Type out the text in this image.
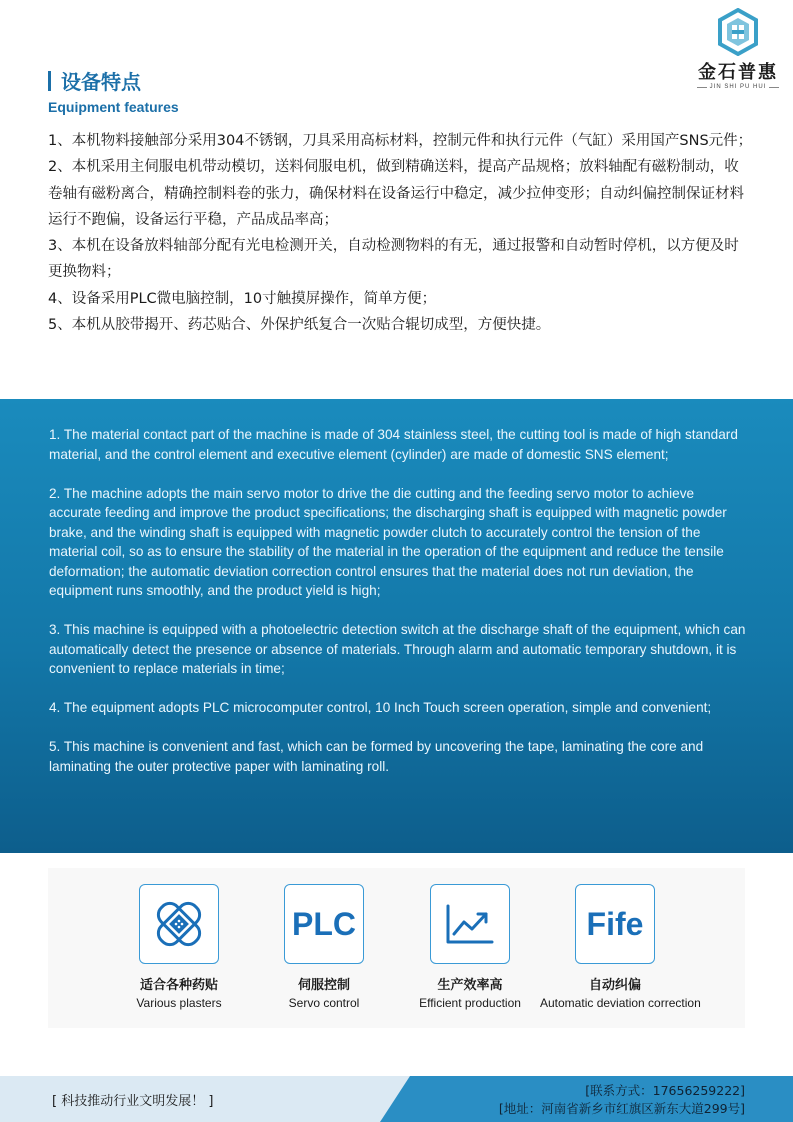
设备特点
Equipment features
金石普惠
JIN SHI PU HUI

1、本机物料接触部分采用304不锈钢，刀具采用高标材料，控制元件和执行元件（气缸）采用国产SNS元件；

2、本机采用主伺服电机带动模切，送料伺服电机，做到精确送料，提高产品规格；放料轴配有磁粉制动，收卷轴有磁粉离合，精确控制料卷的张力，确保材料在设备运行中稳定，减少拉伸变形；自动纠偏控制保证材料运行不跑偏，设备运行平稳，产品成品率高；

3、本机在设备放料轴部分配有光电检测开关，自动检测物料的有无，通过报警和自动暂时停机，以方便及时更换物料；

4、设备采用PLC微电脑控制，10寸触摸屏操作，简单方便；

5、本机从胶带揭开、药芯贴合、外保护纸复合一次贴合辊切成型，方便快捷。

1. The material contact part of the machine is made of 304 stainless steel, the cutting tool is made of high standard material, and the control element and executive element (cylinder) are made of domestic SNS element;

2. The machine adopts the main servo motor to drive the die cutting and the feeding servo motor to achieve accurate feeding and improve the product specifications; the discharging shaft is equipped with magnetic powder brake, and the winding shaft is equipped with magnetic powder clutch to accurately control the tension of the material coil, so as to ensure the stability of the material in the operation of the equipment and reduce the tensile deformation; the automatic deviation correction control ensures that the material does not run deviation, the equipment runs smoothly, and the product yield is high;

3. This machine is equipped with a photoelectric detection switch at the discharge shaft of the equipment, which can automatically detect the presence or absence of materials. Through alarm and automatic temporary shutdown, it is convenient to replace materials in time;

4. The equipment adopts PLC microcomputer control, 10 Inch Touch screen operation, simple and convenient;

5. This machine is convenient and fast, which can be formed by uncovering the tape, laminating the core and laminating the outer protective paper with laminating roll.

适合各种药贴
Various plasters
PLC
伺服控制
Servo control
生产效率高
Efficient production
Fife
自动纠偏
Automatic deviation correction
[ 科技推动行业文明发展！ ]
[联系方式：17656259222]
[地址：河南省新乡市红旗区新东大道299号]
